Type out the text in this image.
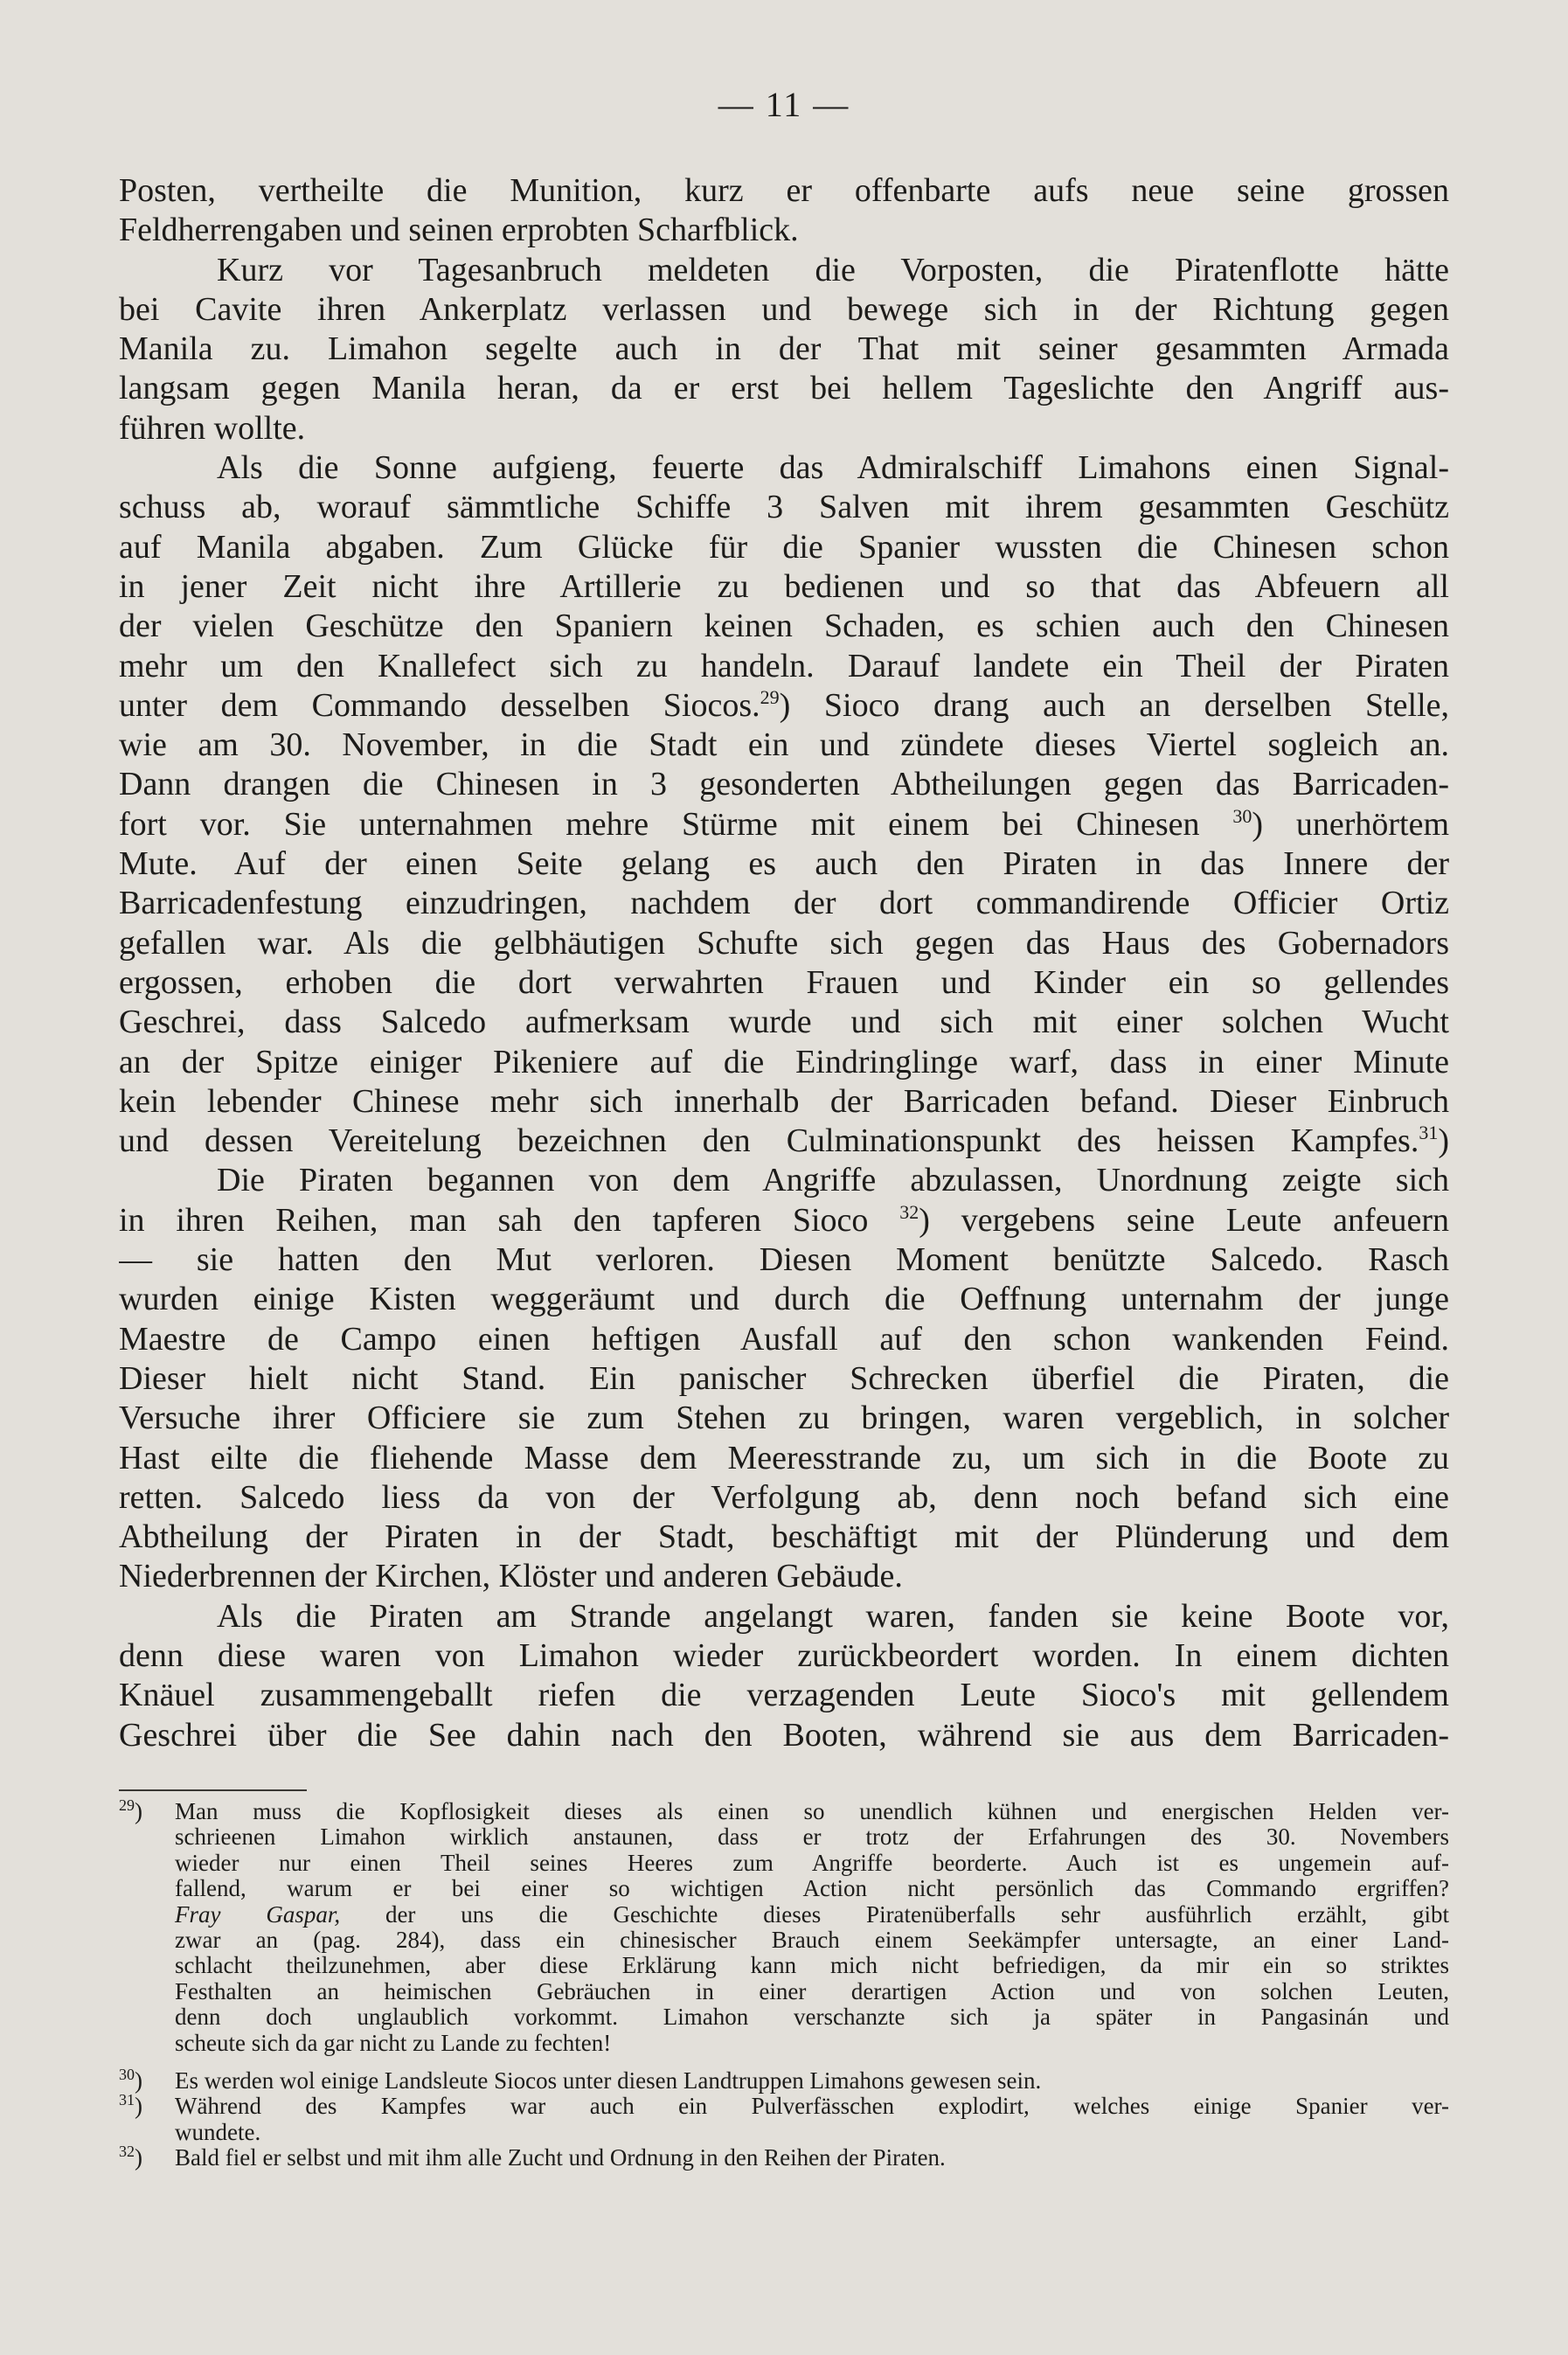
— 11 —
Posten, vertheilte die Munition, kurz er offenbarte aufs neue seine grossen
Feldherrengaben und seinen erprobten Scharfblick.
Kurz vor Tagesanbruch meldeten die Vorposten, die Piratenflotte hätte
bei Cavite ihren Ankerplatz verlassen und bewege sich in der Richtung gegen
Manila zu. Limahon segelte auch in der That mit seiner gesammten Armada
langsam gegen Manila heran, da er erst bei hellem Tageslichte den Angriff aus-
führen wollte.
Als die Sonne aufgieng, feuerte das Admiralschiff Limahons einen Signal-
schuss ab, worauf sämmtliche Schiffe 3 Salven mit ihrem gesammten Geschütz
auf Manila abgaben. Zum Glücke für die Spanier wussten die Chinesen schon
in jener Zeit nicht ihre Artillerie zu bedienen und so that das Abfeuern all
der vielen Geschütze den Spaniern keinen Schaden, es schien auch den Chinesen
mehr um den Knallefect sich zu handeln. Darauf landete ein Theil der Piraten
unter dem Commando desselben Siocos.$^{29}$) Sioco drang auch an derselben Stelle,
wie am 30. November, in die Stadt ein und zündete dieses Viertel sogleich an.
Dann drangen die Chinesen in 3 gesonderten Abtheilungen gegen das Barricaden-
fort vor. Sie unternahmen mehre Stürme mit einem bei Chinesen $^{30}$) unerhörtem
Mute. Auf der einen Seite gelang es auch den Piraten in das Innere der
Barricadenfestung einzudringen, nachdem der dort commandirende Officier Ortiz
gefallen war. Als die gelbhäutigen Schufte sich gegen das Haus des Gobernadors
ergossen, erhoben die dort verwahrten Frauen und Kinder ein so gellendes
Geschrei, dass Salcedo aufmerksam wurde und sich mit einer solchen Wucht
an der Spitze einiger Pikeniere auf die Eindringlinge warf, dass in einer Minute
kein lebender Chinese mehr sich innerhalb der Barricaden befand. Dieser Einbruch
und dessen Vereitelung bezeichnen den Culminationspunkt des heissen Kampfes.$^{31}$)
Die Piraten begannen von dem Angriffe abzulassen, Unordnung zeigte sich
in ihren Reihen, man sah den tapferen Sioco $^{32}$) vergebens seine Leute anfeuern
— sie hatten den Mut verloren. Diesen Moment benützte Salcedo. Rasch
wurden einige Kisten weggeräumt und durch die Oeffnung unternahm der junge
Maestre de Campo einen heftigen Ausfall auf den schon wankenden Feind.
Dieser hielt nicht Stand. Ein panischer Schrecken überfiel die Piraten, die
Versuche ihrer Officiere sie zum Stehen zu bringen, waren vergeblich, in solcher
Hast eilte die fliehende Masse dem Meeresstrande zu, um sich in die Boote zu
retten. Salcedo liess da von der Verfolgung ab, denn noch befand sich eine
Abtheilung der Piraten in der Stadt, beschäftigt mit der Plünderung und dem
Niederbrennen der Kirchen, Klöster und anderen Gebäude.
Als die Piraten am Strande angelangt waren, fanden sie keine Boote vor,
denn diese waren von Limahon wieder zurückbeordert worden. In einem dichten
Knäuel zusammengeballt riefen die verzagenden Leute Sioco's mit gellendem
Geschrei über die See dahin nach den Booten, während sie aus dem Barricaden-
$^{29}$) Man muss die Kopflosigkeit dieses als einen so unendlich kühnen und energischen Helden ver-
schrieenen Limahon wirklich anstaunen, dass er trotz der Erfahrungen des 30. Novembers
wieder nur einen Theil seines Heeres zum Angriffe beorderte. Auch ist es ungemein auf-
fallend, warum er bei einer so wichtigen Action nicht persönlich das Commando ergriffen?
Fray Gaspar, der uns die Geschichte dieses Piratenüberfalls sehr ausführlich erzählt, gibt
zwar an (pag. 284), dass ein chinesischer Brauch einem Seekämpfer untersagte, an einer Land-
schlacht theilzunehmen, aber diese Erklärung kann mich nicht befriedigen, da mir ein so striktes
Festhalten an heimischen Gebräuchen in einer derartigen Action und von solchen Leuten,
denn doch unglaublich vorkommt. Limahon verschanzte sich ja später in Pangasinán und
scheute sich da gar nicht zu Lande zu fechten!
$^{30}$) Es werden wol einige Landsleute Siocos unter diesen Landtruppen Limahons gewesen sein.
$^{31}$) Während des Kampfes war auch ein Pulverfässchen explodirt, welches einige Spanier ver-
wundete.
$^{32}$) Bald fiel er selbst und mit ihm alle Zucht und Ordnung in den Reihen der Piraten.
